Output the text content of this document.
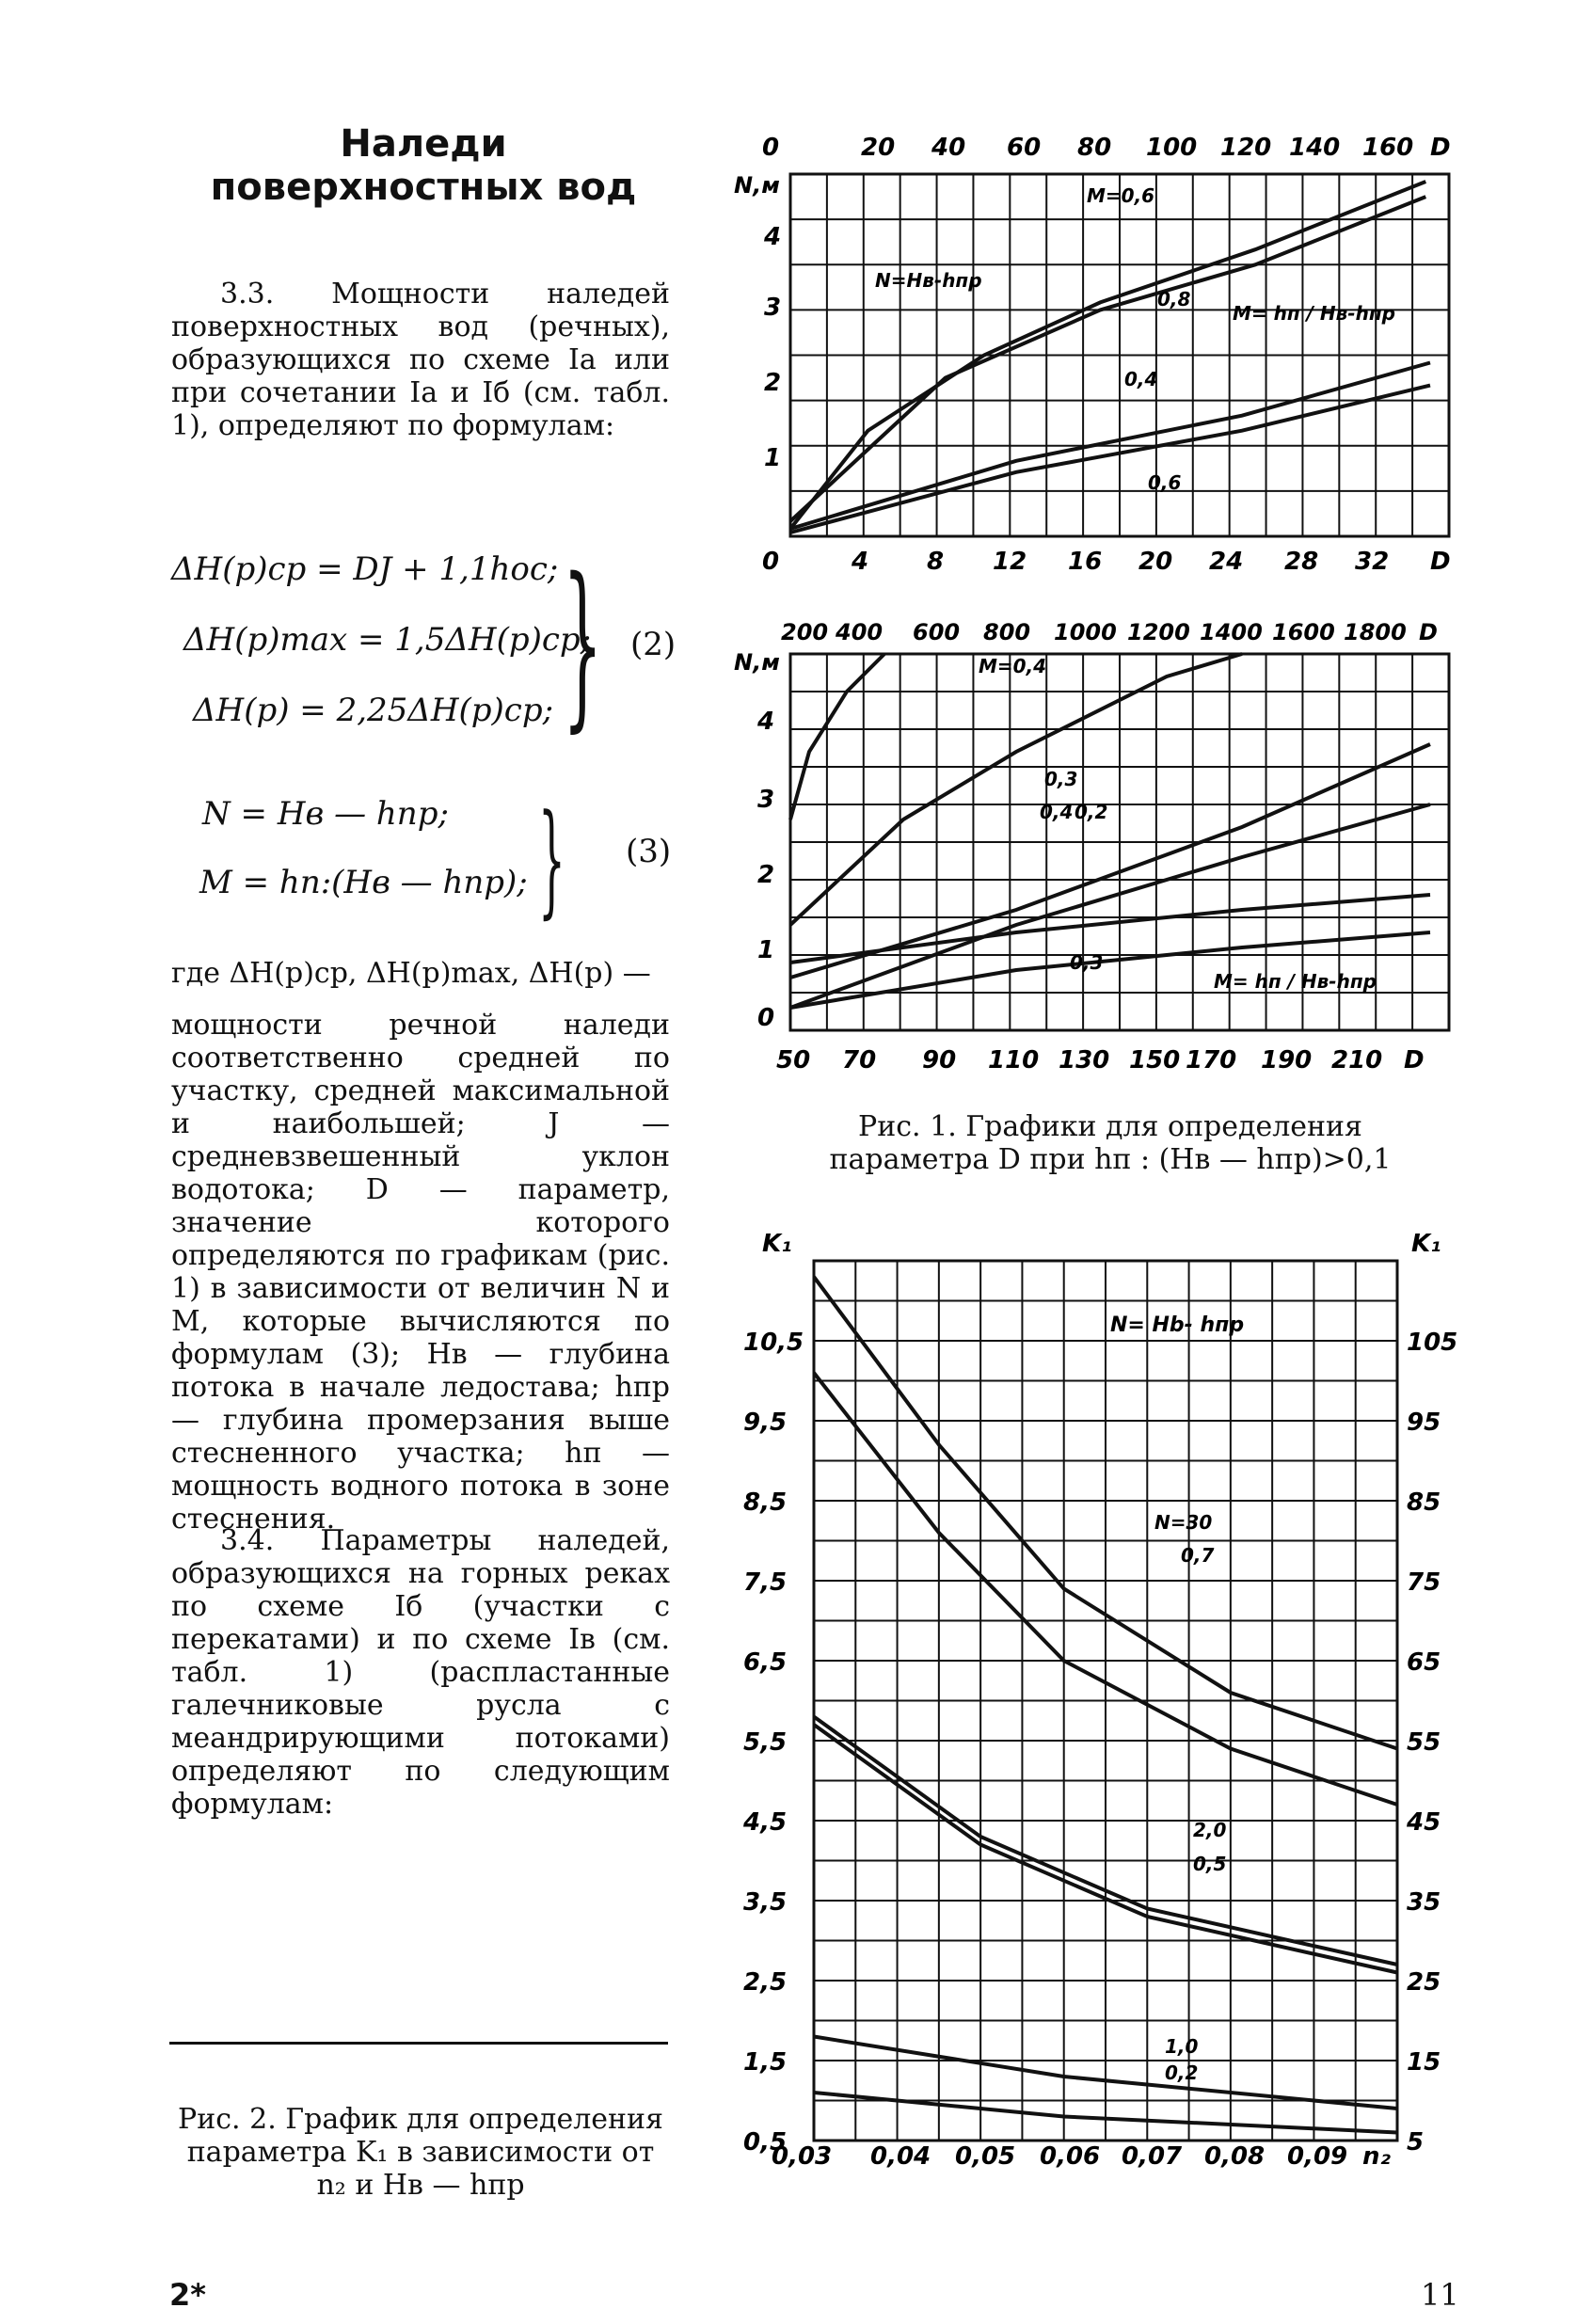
Наледи поверхностных вод
3.3. Мощности наледей поверхностных вод (речных), образующихся по схеме Iа или при сочетании Iа и Iб (см. табл. 1), определяют по формулам:
ΔH(р)ср = DJ + 1,1hос;
ΔH(р)max = 1,5ΔH(р)ср;
ΔH(р) = 2,25ΔH(р)ср; } (2)
N = Hв — hпр;
M = hп:(Hв — hпр); } (3)
где ΔH(р)ср, ΔH(р)max, ΔH(р) —
мощности речной наледи соответственно средней по участку, средней максимальной и наибольшей; J — средневзвешенный уклон водотока; D — параметр, значение которого определяются по графикам (рис. 1) в зависимости от величин N и M, которые вычисляются по формулам (3); Hв — глубина потока в начале ледостава; hпр — глубина промерзания выше стесненного участка; hп — мощность водного потока в зоне стеснения.
3.4. Параметры наледей, образующихся на горных реках по схеме Iб (участки с перекатами) и по схеме Iв (см. табл. 1) (распластанные галечниковые русла с меандрирующими потоками) определяют по следующим формулам:
Рис. 2. График для определения параметра K₁ в зависимости от n₂ и Hв — hпр
2*	11
Рис. 1. Графики для определения параметра D при hп : (Hв — hпр)>0,1
0	20 40 60 80 100 120 140 160 D
N,м
4
3
2
1
0	4 8 12 16 20 24 28 32 D
M=0,6
N=Hв-hпр
0,8
M= hп / Hв-hпр
0,4
0,6
200 400 600 800 1000 1200 1400 1600 1800 D
N,м
4
3
2
1
0
50 70 90 110 130 150 170 190 210 D
M=0,4
0,3
0,4 0,2
0,3
M= hп / Hв-hпр
K₁	K₁
10,5	105
9,5	95
8,5	85
7,5	75
6,5	65
5,5	55
4,5	45
3,5	35
2,5	25
1,5	15
0,5	5
0,03 0,04 0,05 0,06 0,07 0,08 0,09 n₂
N= Hb- hпр
N=30
0,7
2,0
0,5
1,0
0,2
